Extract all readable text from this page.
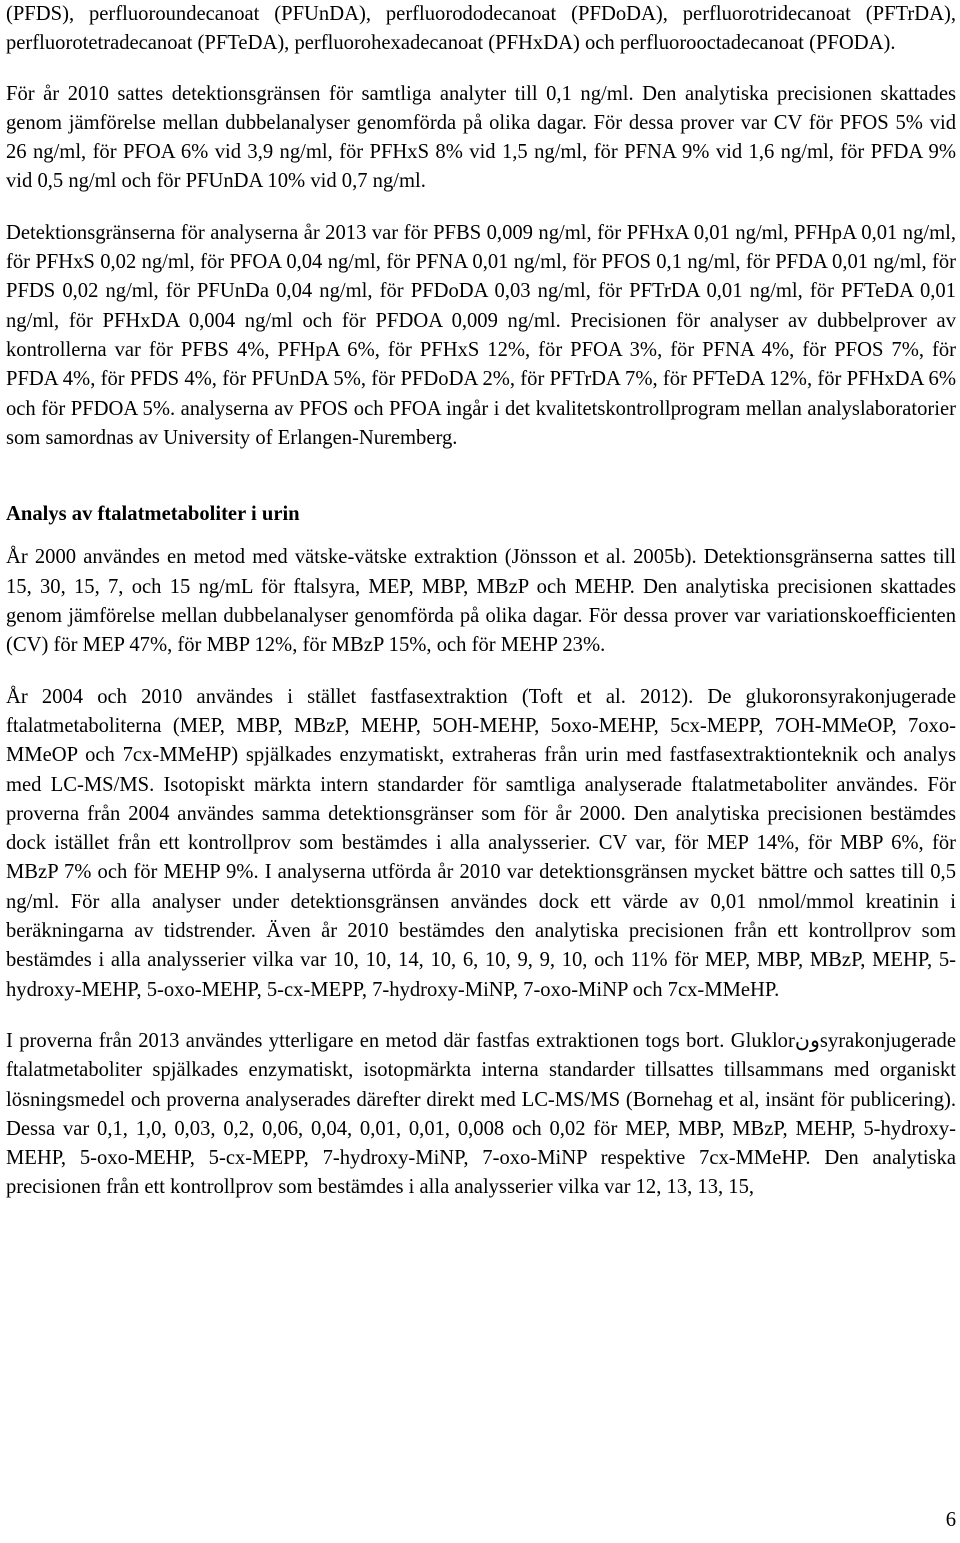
(PFDS), perfluoroundecanoat (PFUnDA), perfluorododecanoat (PFDoDA), perfluorotridecanoat (PFTrDA), perfluorotetradecanoat (PFTeDA), perfluorohexadecanoat (PFHxDA) och perfluorooctadecanoat (PFODA).

För år 2010 sattes detektionsgränsen för samtliga analyter till 0,1 ng/ml. Den analytiska precisionen skattades genom jämförelse mellan dubbelanalyser genomförda på olika dagar. För dessa prover var CV för PFOS 5% vid 26 ng/ml, för PFOA 6% vid 3,9 ng/ml, för PFHxS 8% vid 1,5 ng/ml, för PFNA 9% vid 1,6 ng/ml, för PFDA 9% vid 0,5 ng/ml och för PFUnDA 10% vid 0,7 ng/ml.

Detektionsgränserna för analyserna år 2013 var för PFBS 0,009 ng/ml, för PFHxA 0,01 ng/ml, PFHpA 0,01 ng/ml, för PFHxS 0,02 ng/ml, för PFOA 0,04 ng/ml, för PFNA 0,01 ng/ml, för PFOS 0,1 ng/ml, för PFDA 0,01 ng/ml, för PFDS 0,02 ng/ml, för PFUnDa 0,04 ng/ml, för PFDoDA 0,03 ng/ml, för PFTrDA 0,01 ng/ml, för PFTeDA 0,01 ng/ml, för PFHxDA 0,004 ng/ml och för PFDOA 0,009 ng/ml. Precisionen för analyser av dubbelprover av kontrollerna var för PFBS 4%, PFHpA 6%, för PFHxS 12%, för PFOA 3%, för PFNA 4%, för PFOS 7%, för PFDA 4%, för PFDS 4%, för PFUnDA 5%, för PFDoDA 2%, för PFTrDA 7%, för PFTeDA 12%, för PFHxDA 6% och för PFDOA 5%. analyserna av PFOS och PFOA ingår i det kvalitetskontrollprogram mellan analyslaboratorier som samordnas av University of Erlangen-Nuremberg.

Analys av ftalatmetaboliter i urin

År 2000 användes en metod med vätske-vätske extraktion (Jönsson et al. 2005b). Detektionsgränserna sattes till 15, 30, 15, 7, och 15 ng/mL för ftalsyra, MEP, MBP, MBzP och MEHP. Den analytiska precisionen skattades genom jämförelse mellan dubbelanalyser genomförda på olika dagar. För dessa prover var variationskoefficienten (CV) för MEP 47%, för MBP 12%, för MBzP 15%, och för MEHP 23%.

År 2004 och 2010 användes i stället fastfasextraktion (Toft et al. 2012). De glukoronsyrakonjugerade ftalatmetaboliterna (MEP, MBP, MBzP, MEHP, 5OH-MEHP, 5oxo-MEHP, 5cx-MEPP, 7OH-MMeOP, 7oxo-MMeOP och 7cx-MMeHP) spjälkades enzymatiskt, extraheras från urin med fastfasextraktionteknik och analys med LC-MS/MS. Isotopiskt märkta intern standarder för samtliga analyserade ftalatmetaboliter användes. För proverna från 2004 användes samma detektionsgränser som för år 2000. Den analytiska precisionen bestämdes dock istället från ett kontrollprov som bestämdes i alla analysserier. CV var, för MEP 14%, för MBP 6%, för MBzP 7% och för MEHP 9%. I analyserna utförda år 2010 var detektionsgränsen mycket bättre och sattes till 0,5 ng/ml. För alla analyser under detektionsgränsen användes dock ett värde av 0,01 nmol/mmol kreatinin i beräkningarna av tidstrender. Även år 2010 bestämdes den analytiska precisionen från ett kontrollprov som bestämdes i alla analysserier vilka var 10, 10, 14, 10, 6, 10, 9, 9, 10, och 11% för MEP, MBP, MBzP, MEHP, 5-hydroxy-MEHP, 5-oxo-MEHP, 5-cx-MEPP, 7-hydroxy-MiNP, 7-oxo-MiNP och 7cx-MMeHP.

I proverna från 2013 användes ytterligare en metod där fastfas extraktionen togs bort. Gluklorونsyrakonjugerade ftalatmetaboliter spjälkades enzymatiskt, isotopmärkta interna standarder tillsattes tillsammans med organiskt lösningsmedel och proverna analyserades därefter direkt med LC-MS/MS (Bornehag et al, insänt för publicering). Dessa var 0,1, 1,0, 0,03, 0,2, 0,06, 0,04, 0,01, 0,01, 0,008 och 0,02 för MEP, MBP, MBzP, MEHP, 5-hydroxy-MEHP, 5-oxo-MEHP, 5-cx-MEPP, 7-hydroxy-MiNP, 7-oxo-MiNP respektive 7cx-MMeHP. Den analytiska precisionen från ett kontrollprov som bestämdes i alla analysserier vilka var 12, 13, 13, 15,

6
